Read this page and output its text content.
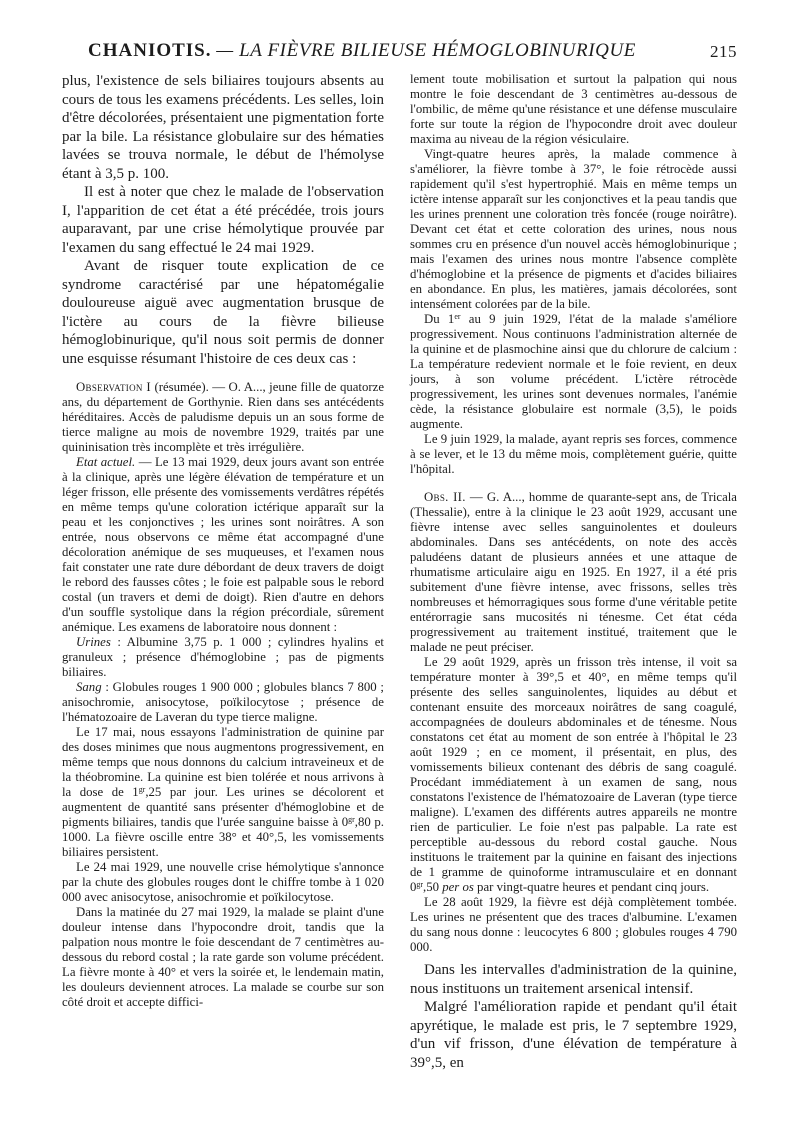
CHANIOTIS. — LA FIÈVRE BILIEUSE HÉMOGLOBINURIQUE	215

plus, l'existence de sels biliaires toujours absents au cours de tous les examens précédents. Les selles, loin d'être décolorées, présentaient une pigmentation forte par la bile. La résistance globulaire sur des hématies lavées se trouva normale, le début de l'hémolyse étant à 3,5 p. 100.

Il est à noter que chez le malade de l'observation I, l'apparition de cet état a été précédée, trois jours auparavant, par une crise hémolytique prouvée par l'examen du sang effectué le 24 mai 1929.

Avant de risquer toute explication de ce syndrome caractérisé par une hépatomégalie douloureuse aiguë avec augmentation brusque de l'ictère au cours de la fièvre bilieuse hémoglobinurique, qu'il nous soit permis de donner une esquisse résumant l'histoire de ces deux cas :

Observation I (résumée). — O. A..., jeune fille de quatorze ans, du département de Gorthynie. Rien dans ses antécédents héréditaires. Accès de paludisme depuis un an sous forme de tierce maligne au mois de novembre 1929, traités par une quininisation très incomplète et très irrégulière.

Etat actuel. — Le 13 mai 1929, deux jours avant son entrée à la clinique, après une légère élévation de température et un léger frisson, elle présente des vomissements verdâtres répétés en même temps qu'une coloration ictérique apparaît sur la peau et les conjonctives ; les urines sont noirâtres. A son entrée, nous observons ce même état accompagné d'une décoloration anémique de ses muqueuses, et l'examen nous fait constater une rate dure débordant de deux travers de doigt le rebord des fausses côtes ; le foie est palpable sous le rebord costal (un travers et demi de doigt). Rien d'autre en dehors d'un souffle systolique dans la région précordiale, sûrement anémique. Les examens de laboratoire nous donnent :

Urines : Albumine 3,75 p. 1 000 ; cylindres hyalins et granuleux ; présence d'hémoglobine ; pas de pigments biliaires.

Sang : Globules rouges 1 900 000 ; globules blancs 7 800 ; anisochromie, anisocytose, poïkilocytose ; présence de l'hématozoaire de Laveran du type tierce maligne.

Le 17 mai, nous essayons l'administration de quinine par des doses minimes que nous augmentons progressivement, en même temps que nous donnons du calcium intraveineux et de la théobromine. La quinine est bien tolérée et nous arrivons à la dose de $1^{gr},25$ par jour. Les urines se décolorent et augmentent de quantité sans présenter d'hémoglobine et de pigments biliaires, tandis que l'urée sanguine baisse à $0^{gr},80$ p. 1000. La fièvre oscille entre 38° et 40°,5, les vomissements biliaires persistent.

Le 24 mai 1929, une nouvelle crise hémolytique s'annonce par la chute des globules rouges dont le chiffre tombe à 1 020 000 avec anisocytose, anisochromie et poïkilocytose.

Dans la matinée du 27 mai 1929, la malade se plaint d'une douleur intense dans l'hypocondre droit, tandis que la palpation nous montre le foie descendant de 7 centimètres au-dessous du rebord costal ; la rate garde son volume précédent. La fièvre monte à 40° et vers la soirée et, le lendemain matin, les douleurs deviennent atroces. La malade se courbe sur son côté droit et accepte diffici-

lement toute mobilisation et surtout la palpation qui nous montre le foie descendant de 3 centimètres au-dessous de l'ombilic, de même qu'une résistance et une défense musculaire forte sur toute la région de l'hypocondre droit avec douleur maxima au niveau de la région vésiculaire.

Vingt-quatre heures après, la malade commence à s'améliorer, la fièvre tombe à 37°, le foie rétrocède aussi rapidement qu'il s'est hypertrophié. Mais en même temps un ictère intense apparaît sur les conjonctives et la peau tandis que les urines prennent une coloration très foncée (rouge noirâtre). Devant cet état et cette coloration des urines, nous nous sommes cru en présence d'un nouvel accès hémoglobinurique ; mais l'examen des urines nous montre l'absence complète d'hémoglobine et la présence de pigments et d'acides biliaires en abondance. En plus, les matières, jamais décolorées, sont intensément colorées par de la bile.

Du 1er au 9 juin 1929, l'état de la malade s'améliore progressivement. Nous continuons l'administration alternée de la quinine et de plasmochine ainsi que du chlorure de calcium : La température redevient normale et le foie revient, en deux jours, à son volume précédent. L'ictère rétrocède progressivement, les urines sont devenues normales, l'anémie cède, la résistance globulaire est normale (3,5), le poids augmente.

Le 9 juin 1929, la malade, ayant repris ses forces, commence à se lever, et le 13 du même mois, complètement guérie, quitte l'hôpital.

Obs. II. — G. A..., homme de quarante-sept ans, de Tricala (Thessalie), entre à la clinique le 23 août 1929, accusant une fièvre intense avec selles sanguinolentes et douleurs abdominales. Dans ses antécédents, on note des accès paludéens datant de plusieurs années et une attaque de rhumatisme articulaire aigu en 1925. En 1927, il a été pris subitement d'une fièvre intense, avec frissons, selles très nombreuses et hémorragiques sous forme d'une véritable petite entérorragie sans mucosités ni ténesme. Cet état céda progressivement au traitement institué, traitement que le malade ne peut préciser.

Le 29 août 1929, après un frisson très intense, il voit sa température monter à 39°,5 et 40°, en même temps qu'il présente des selles sanguinolentes, liquides au début et contenant ensuite des morceaux noirâtres de sang coagulé, accompagnées de douleurs abdominales et de ténesme. Nous constatons cet état au moment de son entrée à l'hôpital le 23 août 1929 ; en ce moment, il présentait, en plus, des vomissements bilieux contenant des débris de sang coagulé. Procédant immédiatement à un examen de sang, nous constatons l'existence de l'hématozoaire de Laveran (type tierce maligne). L'examen des différents autres appareils ne montre rien de particulier. Le foie n'est pas palpable. La rate est perceptible au-dessous du rebord costal gauche. Nous instituons le traitement par la quinine en faisant des injections de 1 gramme de quinoforme intramusculaire et en donnant $0^{gr},50$ per os par vingt-quatre heures et pendant cinq jours.

Le 28 août 1929, la fièvre est déjà complètement tombée. Les urines ne présentent que des traces d'albumine. L'examen du sang nous donne : leucocytes 6 800 ; globules rouges 4 790 000.

Dans les intervalles d'administration de la quinine, nous instituons un traitement arsenical intensif.

Malgré l'amélioration rapide et pendant qu'il était apyrétique, le malade est pris, le 7 septembre 1929, d'un vif frisson, d'une élévation de température à 39°,5, en
